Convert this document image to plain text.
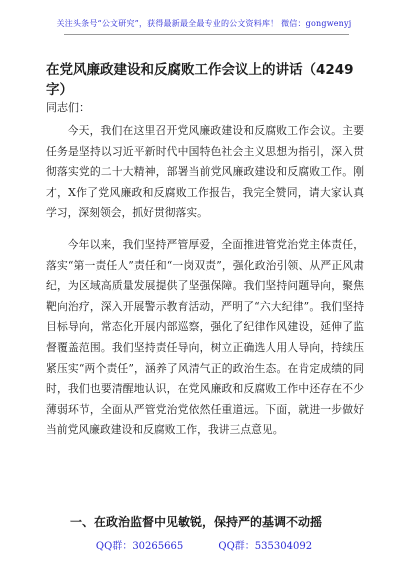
关注头条号“公文研究”，获得最新最全最专业的公文资料库！ 微信：gongwenyj
在党风廉政建设和反腐败工作会议上的讲话（4249字）
同志们：

今天，我们在这里召开党风廉政建设和反腐败工作会议。主要任务是坚持以习近平新时代中国特色社会主义思想为指引，深入贯彻落实党的二十大精神，部署当前党风廉政建设和反腐败工作。刚才，X作了党风廉政和反腐败工作报告，我完全赞同，请大家认真学习，深刻领会，抓好贯彻落实。

今年以来，我们坚持严管厚爱，全面推进管党治党主体责任，落实“第一责任人”责任和“一岗双责”，强化政治引领、从严正风肃纪，为区域高质量发展提供了坚强保障。我们坚持问题导向，聚焦靶向治疗，深入开展警示教育活动，严明了“六大纪律”。我们坚持目标导向，常态化开展内部巡察，强化了纪律作风建设，延伸了监督覆盖范围。我们坚持责任导向，树立正确选人用人导向，持续压紧压实“两个责任”，涵养了风清气正的政治生态。在肯定成绩的同时，我们也要清醒地认识，在党风廉政和反腐败工作中还存在不少薄弱环节，全面从严管党治党依然任重道远。下面，就进一步做好当前党风廉政建设和反腐败工作，我讲三点意见。

一、在政治监督中见敏锐，保持严的基调不动摇
QQ群：30265665	QQ群：535304092
